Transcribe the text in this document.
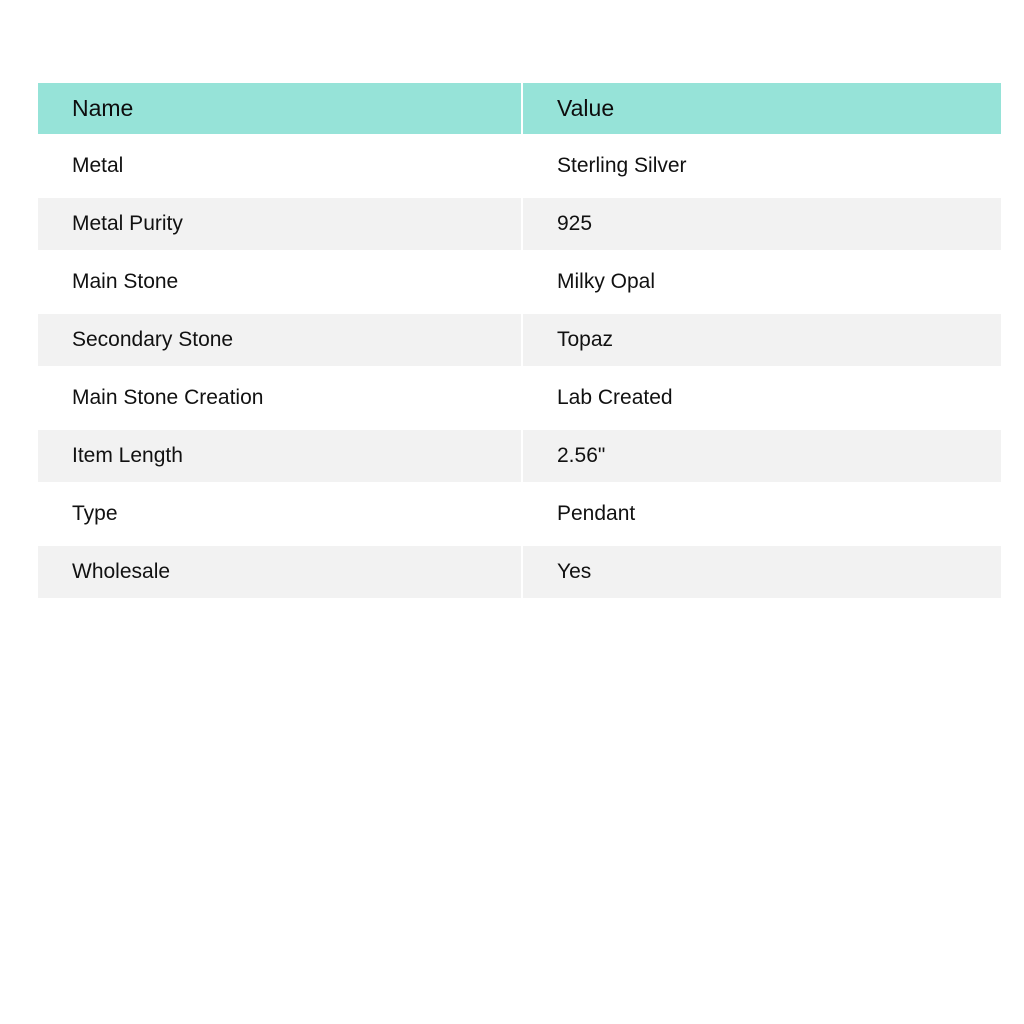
Name	Value
Metal	Sterling Silver
Metal Purity	925
Main Stone	Milky Opal
Secondary Stone	Topaz
Main Stone Creation	Lab Created
Item Length	2.56"
Type	Pendant
Wholesale	Yes
